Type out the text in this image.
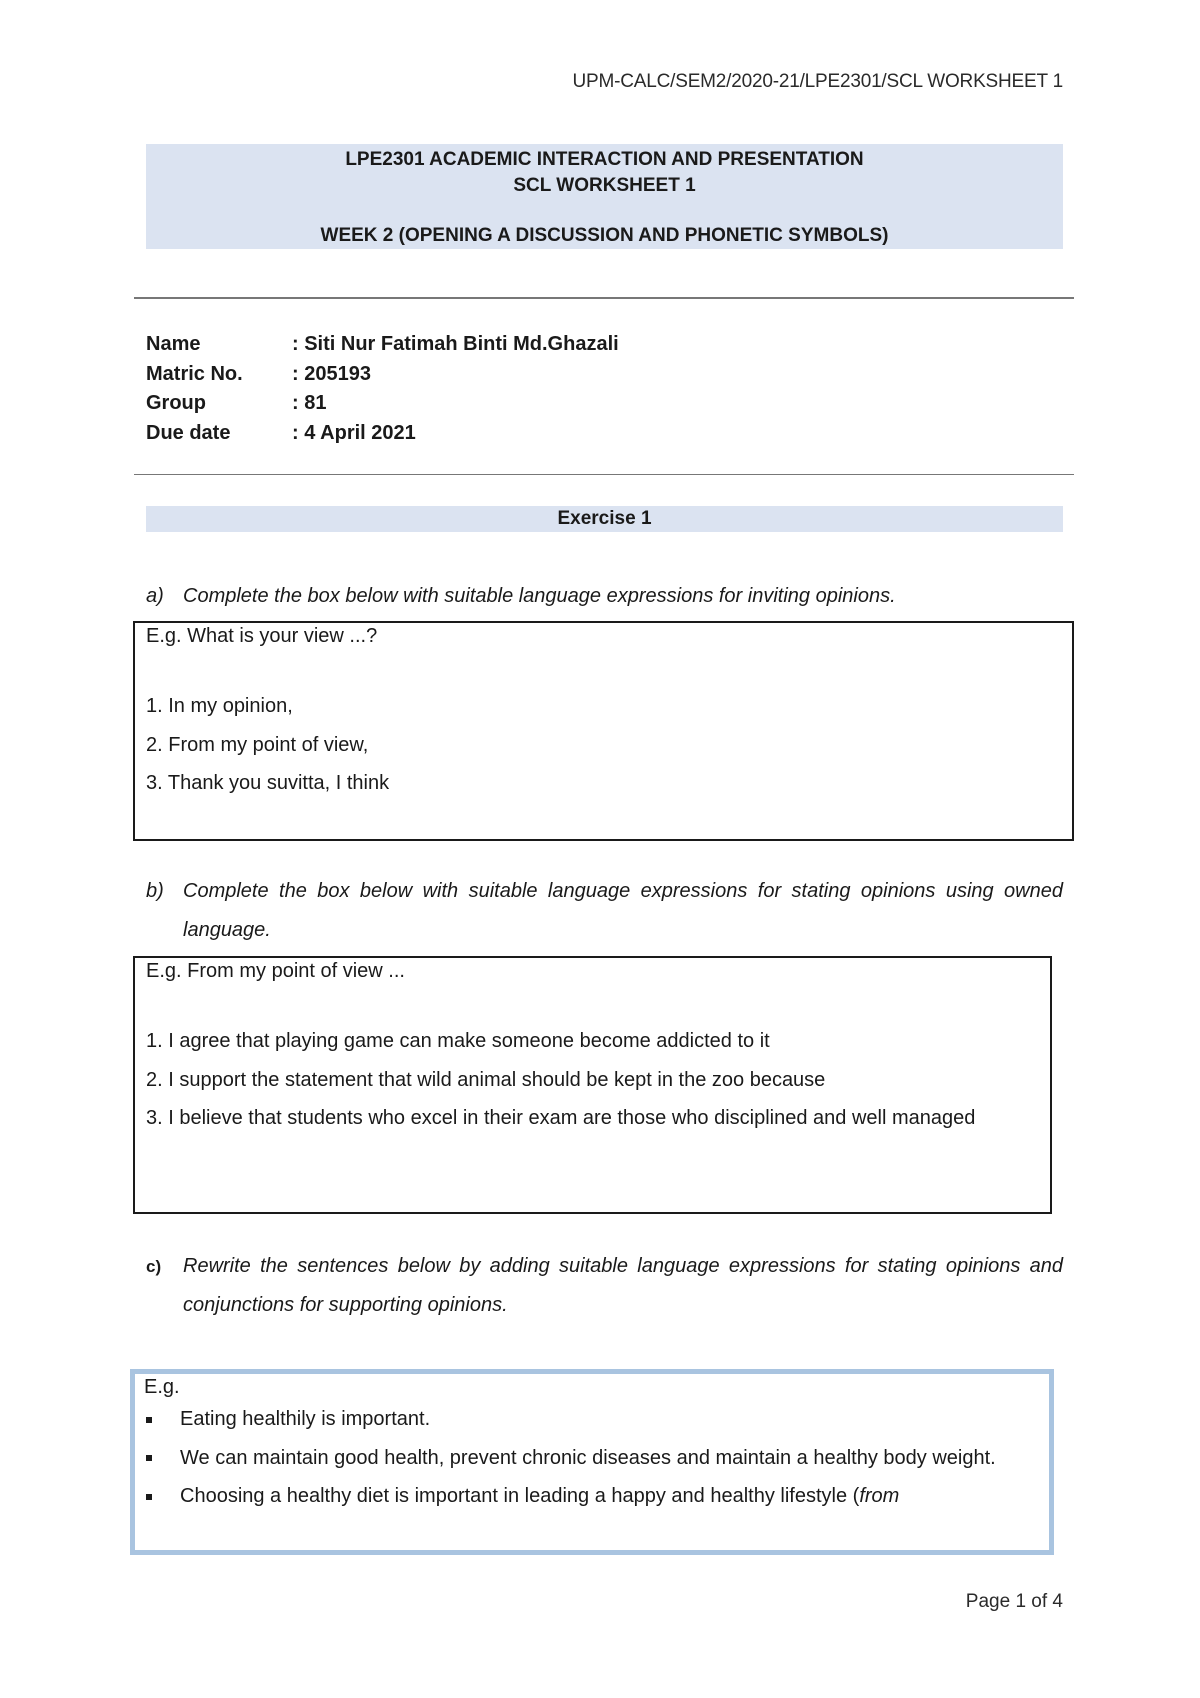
UPM-CALC/SEM2/2020-21/LPE2301/SCL WORKSHEET 1
LPE2301 ACADEMIC INTERACTION AND PRESENTATION
SCL WORKSHEET 1
WEEK 2 (OPENING A DISCUSSION AND PHONETIC SYMBOLS)
Name	: Siti Nur Fatimah Binti Md.Ghazali
Matric No.	: 205193
Group	: 81
Due date	: 4 April 2021
Exercise 1
a) Complete the box below with suitable language expressions for inviting opinions.

E.g. What is your view ...?

1. In my opinion,

2. From my point of view,

3. Thank you suvitta, I think

b) Complete the box below with suitable language expressions for stating opinions using owned language.

E.g. From my point of view ...

1. I agree that playing game can make someone become addicted to it

2. I support the statement that wild animal should be kept in the zoo because

3. I believe that students who excel in their exam are those who disciplined and well managed

c) Rewrite the sentences below by adding suitable language expressions for stating opinions and conjunctions for supporting opinions.
E.g.
Eating healthily is important.
We can maintain good health, prevent chronic diseases and maintain a healthy body weight.
Choosing a healthy diet is important in leading a happy and healthy lifestyle (from
Page 1 of 4
